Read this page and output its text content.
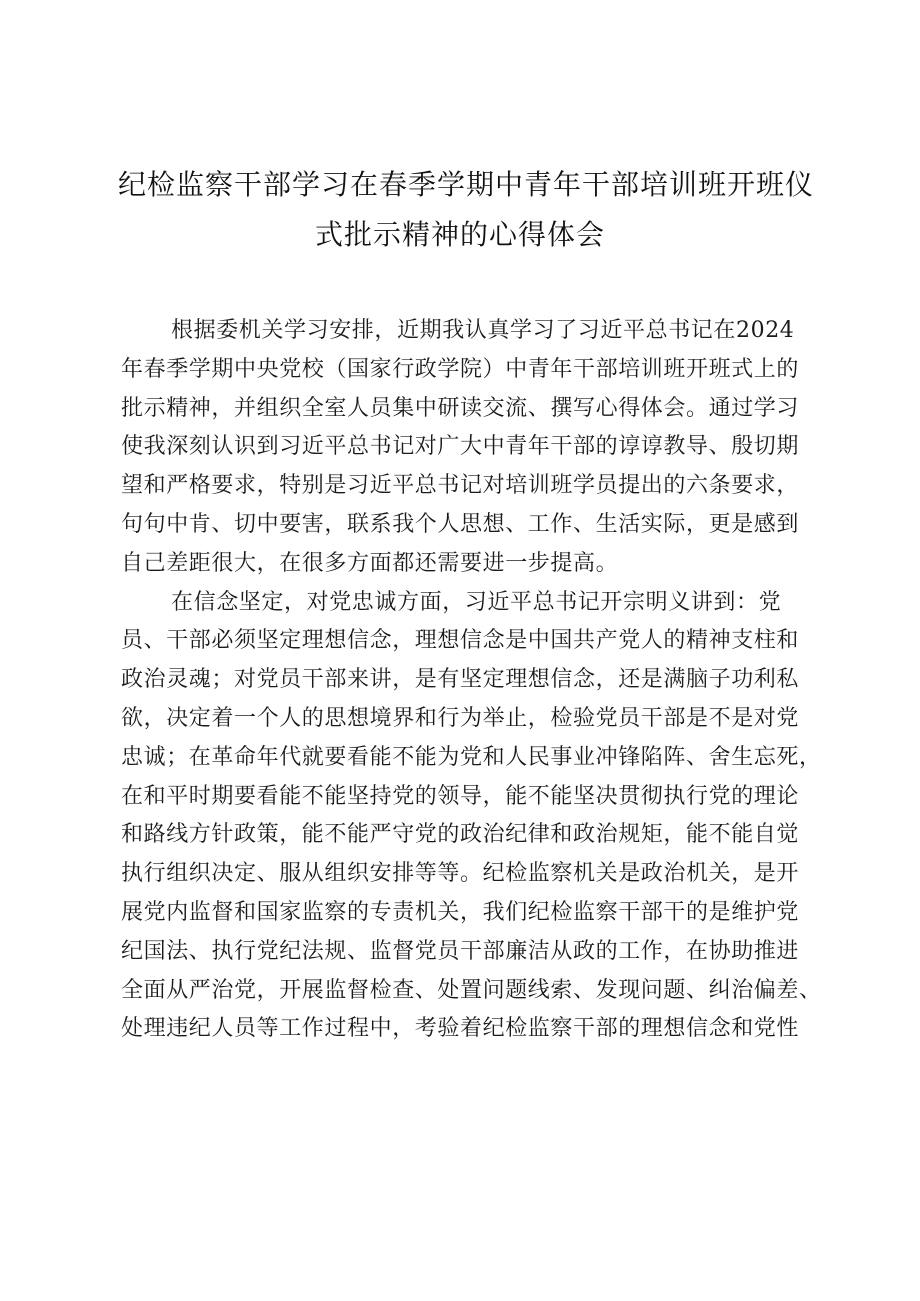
纪检监察干部学习在春季学期中青年干部培训班开班仪
式批示精神的心得体会
根据委机关学习安排，近期我认真学习了习近平总书记在2024
年春季学期中央党校（国家行政学院）中青年干部培训班开班式上的
批示精神，并组织全室人员集中研读交流、撰写心得体会。通过学习
使我深刻认识到习近平总书记对广大中青年干部的谆谆教导、殷切期
望和严格要求，特别是习近平总书记对培训班学员提出的六条要求，
句句中肯、切中要害，联系我个人思想、工作、生活实际，更是感到
自己差距很大，在很多方面都还需要进一步提高。
在信念坚定，对党忠诚方面，习近平总书记开宗明义讲到：党
员、干部必须坚定理想信念，理想信念是中国共产党人的精神支柱和
政治灵魂；对党员干部来讲，是有坚定理想信念，还是满脑子功利私
欲，决定着一个人的思想境界和行为举止，检验党员干部是不是对党
忠诚；在革命年代就要看能不能为党和人民事业冲锋陷阵、舍生忘死，
在和平时期要看能不能坚持党的领导，能不能坚决贯彻执行党的理论
和路线方针政策，能不能严守党的政治纪律和政治规矩，能不能自觉
执行组织决定、服从组织安排等等。纪检监察机关是政治机关，是开
展党内监督和国家监察的专责机关，我们纪检监察干部干的是维护党
纪国法、执行党纪法规、监督党员干部廉洁从政的工作，在协助推进
全面从严治党，开展监督检查、处置问题线索、发现问题、纠治偏差、
处理违纪人员等工作过程中，考验着纪检监察干部的理想信念和党性
